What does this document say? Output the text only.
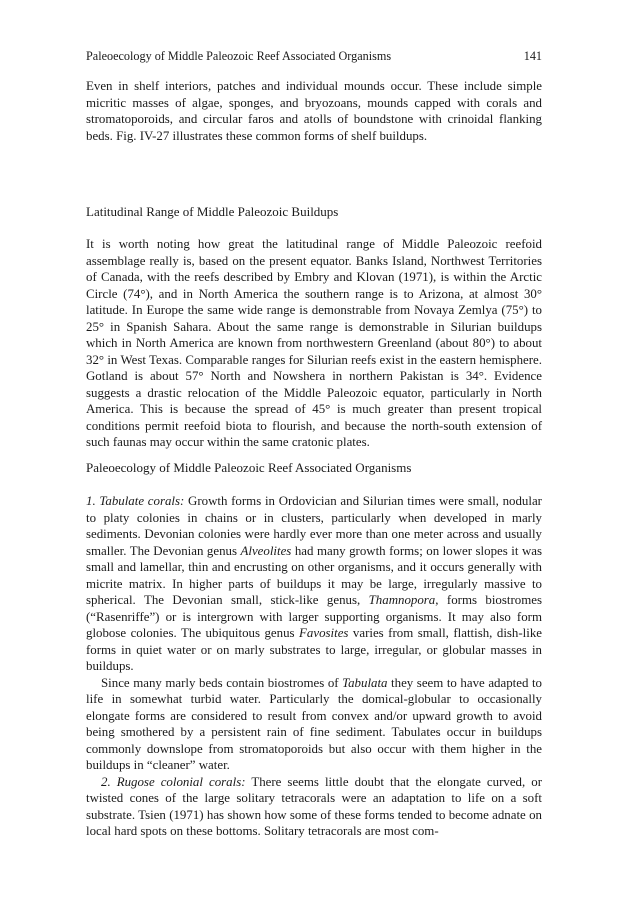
Paleoecology of Middle Paleozoic Reef Associated Organisms	141

Even in shelf interiors, patches and individual mounds occur. These include simple micritic masses of algae, sponges, and bryozoans, mounds capped with corals and stromatoporoids, and circular faros and atolls of boundstone with crinoidal flanking beds. Fig. IV-27 illustrates these common forms of shelf buildups.

Latitudinal Range of Middle Paleozoic Buildups

It is worth noting how great the latitudinal range of Middle Paleozoic reefoid assemblage really is, based on the present equator. Banks Island, Northwest Territories of Canada, with the reefs described by Embry and Klovan (1971), is within the Arctic Circle (74°), and in North America the southern range is to Arizona, at almost 30° latitude. In Europe the same wide range is demonstrable from Novaya Zemlya (75°) to 25° in Spanish Sahara. About the same range is demonstrable in Silurian buildups which in North America are known from northwestern Greenland (about 80°) to about 32° in West Texas. Comparable ranges for Silurian reefs exist in the eastern hemisphere. Gotland is about 57° North and Nowshera in northern Pakistan is 34°. Evidence suggests a drastic relocation of the Middle Paleozoic equator, particularly in North America. This is because the spread of 45° is much greater than present tropical conditions permit reefoid biota to flourish, and because the north-south extension of such faunas may occur within the same cratonic plates.

Paleoecology of Middle Paleozoic Reef Associated Organisms

1. Tabulate corals: Growth forms in Ordovician and Silurian times were small, nodular to platy colonies in chains or in clusters, particularly when developed in marly sediments. Devonian colonies were hardly ever more than one meter across and usually smaller. The Devonian genus Alveolites had many growth forms; on lower slopes it was small and lamellar, thin and encrusting on other organisms, and it occurs generally with micrite matrix. In higher parts of buildups it may be large, irregularly massive to spherical. The Devonian small, stick-like genus, Thamnopora, forms biostromes (“Rasenriffe”) or is intergrown with larger supporting organisms. It may also form globose colonies. The ubiquitous genus Favosites varies from small, flattish, dish-like forms in quiet water or on marly substrates to large, irregular, or globular masses in buildups.

Since many marly beds contain biostromes of Tabulata they seem to have adapted to life in somewhat turbid water. Particularly the domical-globular to occasionally elongate forms are considered to result from convex and/or upward growth to avoid being smothered by a persistent rain of fine sediment. Tabulates occur in buildups commonly downslope from stromatoporoids but also occur with them higher in the buildups in “cleaner” water.

2. Rugose colonial corals: There seems little doubt that the elongate curved, or twisted cones of the large solitary tetracorals were an adaptation to life on a soft substrate. Tsien (1971) has shown how some of these forms tended to become adnate on local hard spots on these bottoms. Solitary tetracorals are most com-
